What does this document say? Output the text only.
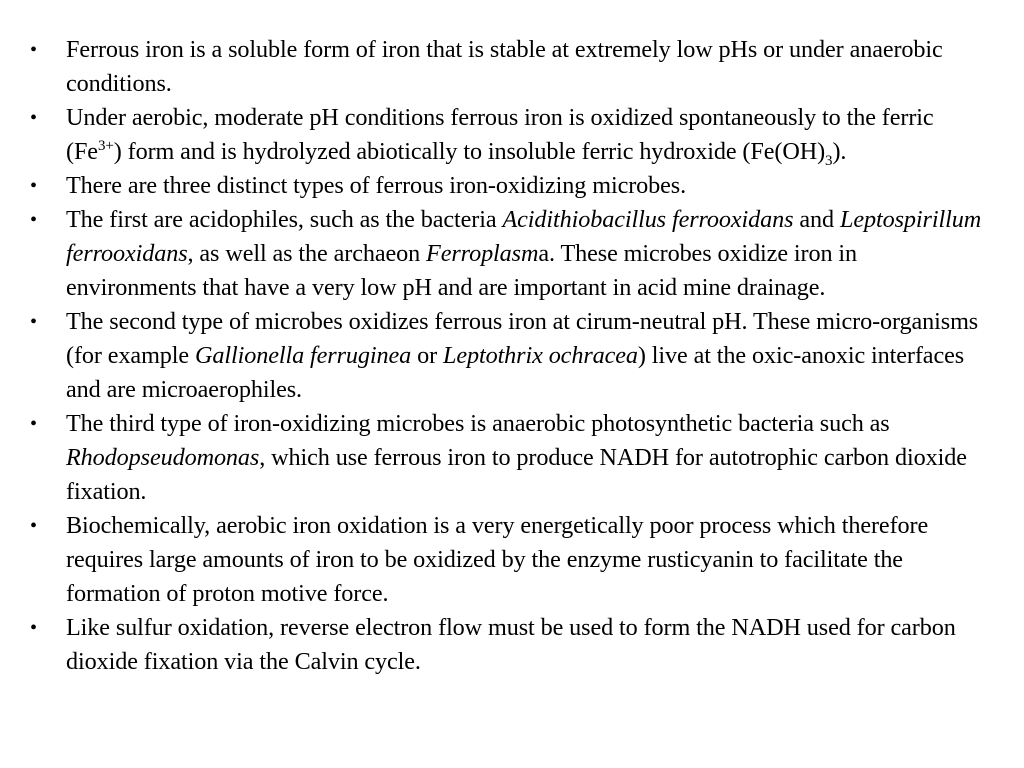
•	Ferrous iron is a soluble form of iron that is stable at extremely low pHs or under anaerobic conditions.
•	Under aerobic, moderate pH conditions ferrous iron is oxidized spontaneously to the ferric $(Fe^{3+})$ form and is hydrolyzed abiotically to insoluble ferric hydroxide $(Fe(OH)_3)$.
•	There are three distinct types of ferrous iron-oxidizing microbes.
•	The first are acidophiles, such as the bacteria Acidithiobacillus ferrooxidans and Leptospirillum ferrooxidans, as well as the archaeon Ferroplasma. These microbes oxidize iron in environments that have a very low pH and are important in acid mine drainage.
•	The second type of microbes oxidizes ferrous iron at cirum-neutral pH. These micro-organisms (for example Gallionella ferruginea or Leptothrix ochracea) live at the oxic-anoxic interfaces and are microaerophiles.
•	The third type of iron-oxidizing microbes is anaerobic photosynthetic bacteria such as Rhodopseudomonas, which use ferrous iron to produce NADH for autotrophic carbon dioxide fixation.
•	Biochemically, aerobic iron oxidation is a very energetically poor process which therefore requires large amounts of iron to be oxidized by the enzyme rusticyanin to facilitate the formation of proton motive force.
•	Like sulfur oxidation, reverse electron flow must be used to form the NADH used for carbon dioxide fixation via the Calvin cycle.
